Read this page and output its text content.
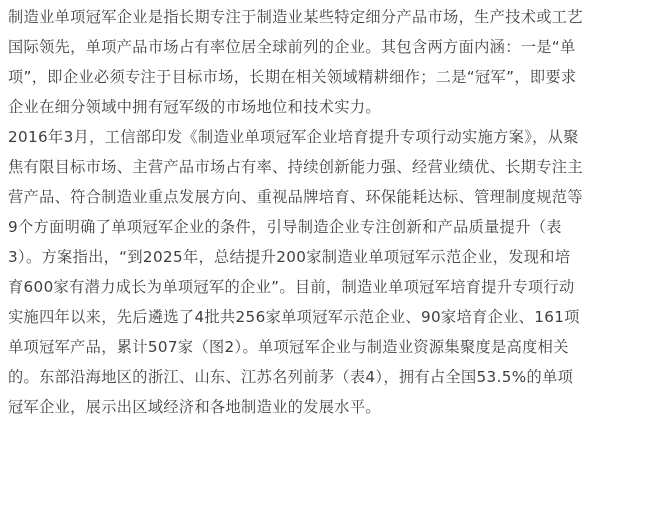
制造业单项冠军企业是指长期专注于制造业某些特定细分产品市场，生产技术或工艺
国际领先，单项产品市场占有率位居全球前列的企业。其包含两方面内涵：一是“单
项”，即企业必须专注于目标市场，长期在相关领域精耕细作；二是“冠军”，即要求
企业在细分领域中拥有冠军级的市场地位和技术实力。

2016年3月，工信部印发《制造业单项冠军企业培育提升专项行动实施方案》，从聚
焦有限目标市场、主营产品市场占有率、持续创新能力强、经营业绩优、长期专注主
营产品、符合制造业重点发展方向、重视品牌培育、环保能耗达标、管理制度规范等
9个方面明确了单项冠军企业的条件，引导制造企业专注创新和产品质量提升（表
3）。方案指出，“到2025年，总结提升200家制造业单项冠军示范企业，发现和培
育600家有潜力成长为单项冠军的企业”。目前，制造业单项冠军培育提升专项行动
实施四年以来，先后遴选了4批共256家单项冠军示范企业、90家培育企业、161项
单项冠军产品，累计507家（图2）。单项冠军企业与制造业资源集聚度是高度相关
的。东部沿海地区的浙江、山东、江苏名列前茅（表4），拥有占全国53.5%的单项
冠军企业，展示出区域经济和各地制造业的发展水平。
